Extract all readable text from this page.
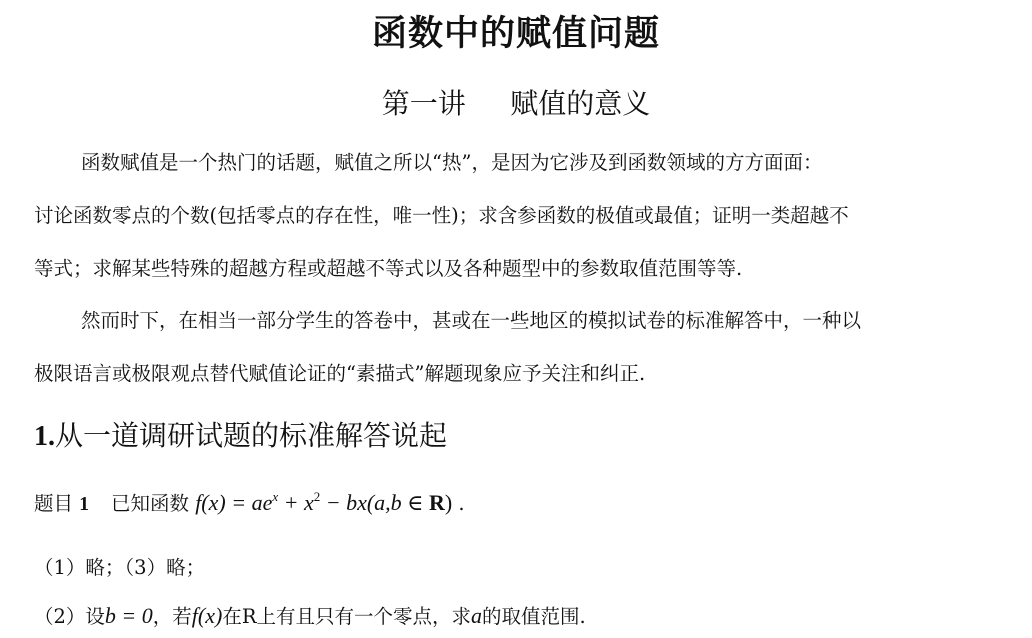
函数中的赋值问题
第一讲     赋值的意义
函数赋值是一个热门的话题，赋值之所以“热”，是因为它涉及到函数领域的方方面面：
讨论函数零点的个数(包括零点的存在性，唯一性)；求含参函数的极值或最值；证明一类超越不
等式；求解某些特殊的超越方程或超越不等式以及各种题型中的参数取值范围等等.
然而时下，在相当一部分学生的答卷中，甚或在一些地区的模拟试卷的标准解答中，一种以
极限语言或极限观点替代赋值论证的“素描式”解题现象应予关注和纠正.
1.从一道调研试题的标准解答说起
题目 1 已知函数 $f(x) = ae^x + x^2 - bx(a,b$ ∈ R) .
（1）略；（3）略；
（2）设b = 0，若f(x)在R上有且只有一个零点，求a的取值范围.
